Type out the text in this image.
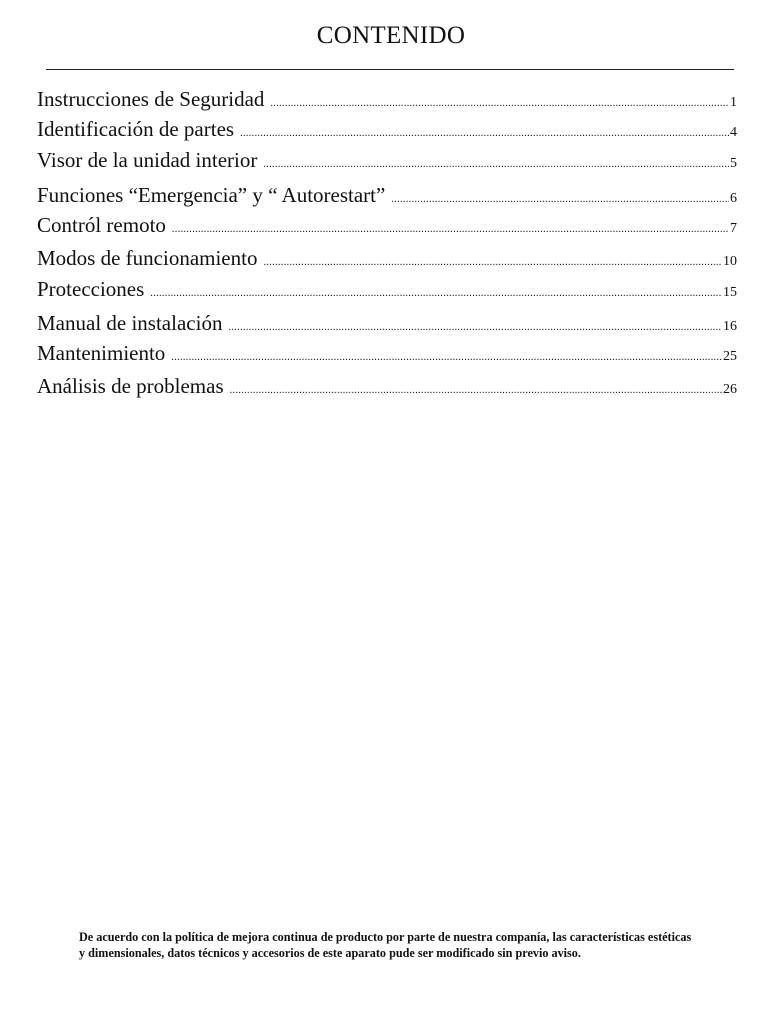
CONTENIDO
Instrucciones de Seguridad .....	1
Identificación de partes .....	4
Visor de la unidad interior .....	5
Funciones “Emergencia” y “ Autorestart” .....	6
Contról remoto .....	7
Modos de funcionamiento .....	10
Protecciones .....	15
Manual de instalación .....	16
Mantenimiento .....	25
Análisis de problemas .....	26
De acuerdo con la política de mejora continua de producto por parte de nuestra companía, las características estéticas y dimensionales, datos técnicos y accesorios de este aparato pude ser modificado sin previo aviso.
